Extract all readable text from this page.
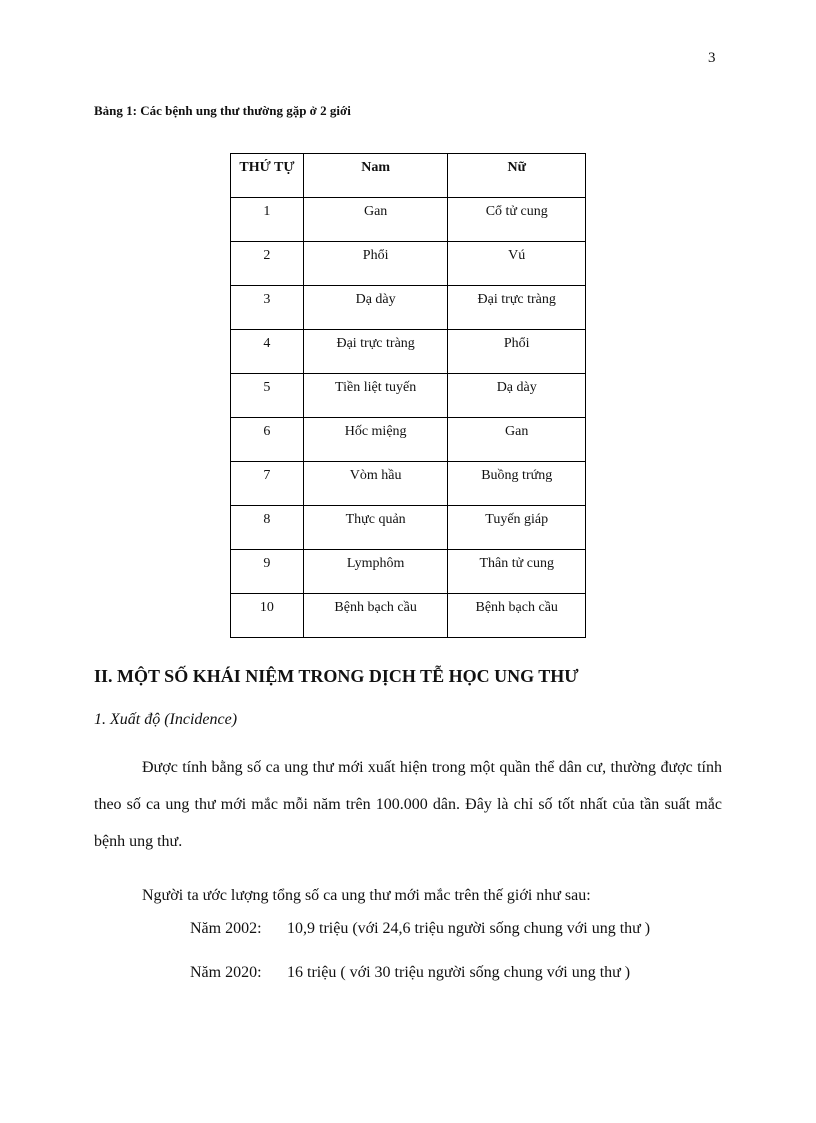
3
Bảng 1: Các bệnh ung thư thường gặp ở 2 giới
THỨ TỰ	Nam	Nữ
1	Gan	Cổ tử cung
2	Phổi	Vú
3	Dạ dày	Đại trực tràng
4	Đại trực tràng	Phổi
5	Tiền liệt tuyến	Dạ dày
6	Hốc miệng	Gan
7	Vòm hầu	Buồng trứng
8	Thực quản	Tuyến giáp
9	Lymphôm	Thân tử cung
10	Bệnh bạch cầu	Bệnh bạch cầu
II. MỘT SỐ KHÁI NIỆM TRONG DỊCH TỄ HỌC UNG THƯ
1. Xuất độ (Incidence)
Được tính bằng số ca ung thư mới xuất hiện trong một quần thể dân cư, thường được tính theo số ca ung thư mới mắc mỗi năm trên 100.000 dân. Đây là chỉ số tốt nhất của tần suất mắc bệnh ung thư.
Người ta ước lượng tổng số ca ung thư mới mắc trên thế giới như sau:
Năm 2002: 10,9 triệu (với 24,6 triệu người sống chung với ung thư )
Năm 2020: 16 triệu ( với 30 triệu người sống chung với ung thư )
